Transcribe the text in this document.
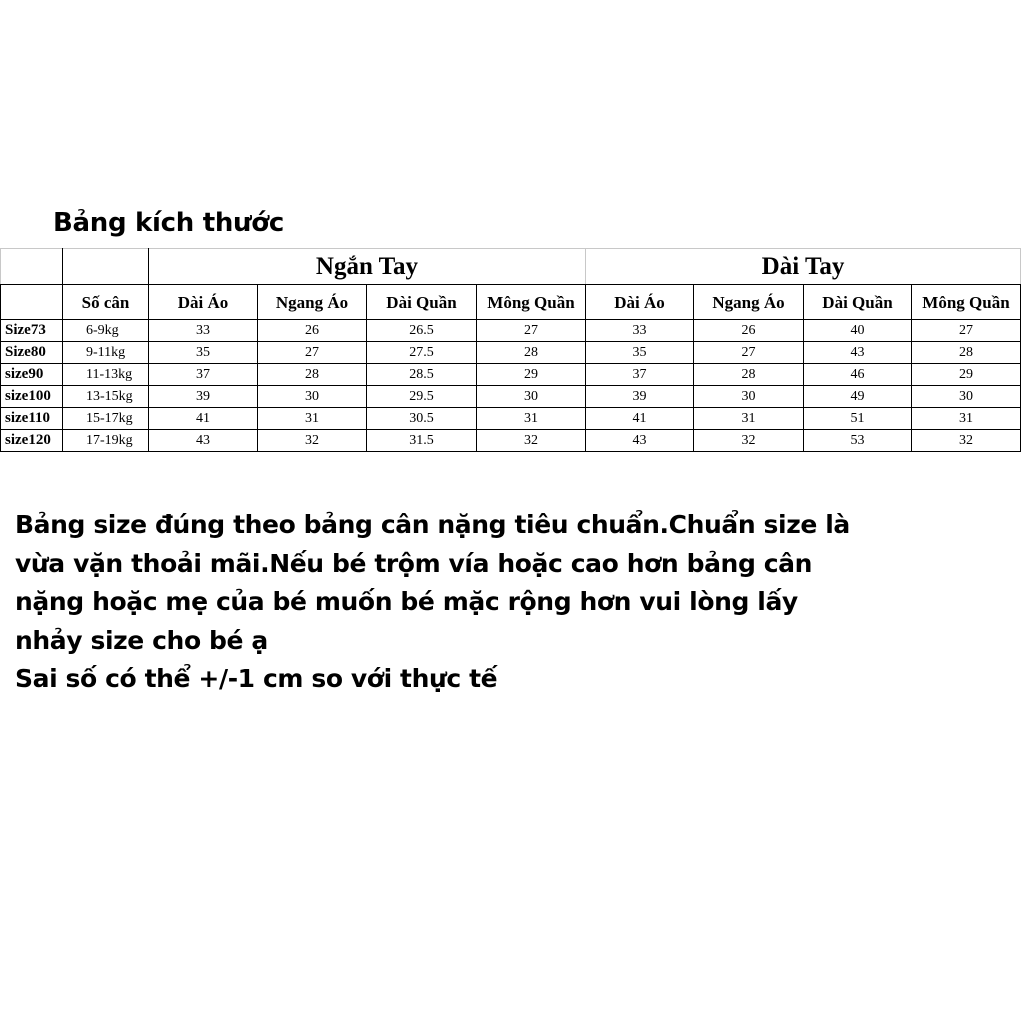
Bảng kích thước
		Ngắn Tay				Dài Tay			
	Số cân	Dài Áo	Ngang Áo	Dài Quần	Mông Quần	Dài Áo	Ngang Áo	Dài Quần	Mông Quần
Size73	6-9kg	33	26	26.5	27	33	26	40	27
Size80	9-11kg	35	27	27.5	28	35	27	43	28
size90	11-13kg	37	28	28.5	29	37	28	46	29
size100	13-15kg	39	30	29.5	30	39	30	49	30
size110	15-17kg	41	31	30.5	31	41	31	51	31
size120	17-19kg	43	32	31.5	32	43	32	53	32

Bảng size đúng theo bảng cân nặng tiêu chuẩn.Chuẩn size là

vừa vặn thoải mãi.Nếu bé trộm vía hoặc cao hơn bảng cân

nặng hoặc mẹ của bé muốn bé mặc rộng hơn vui lòng lấy

nhảy size cho bé ạ

Sai số có thể +/-1 cm so với thực tế
